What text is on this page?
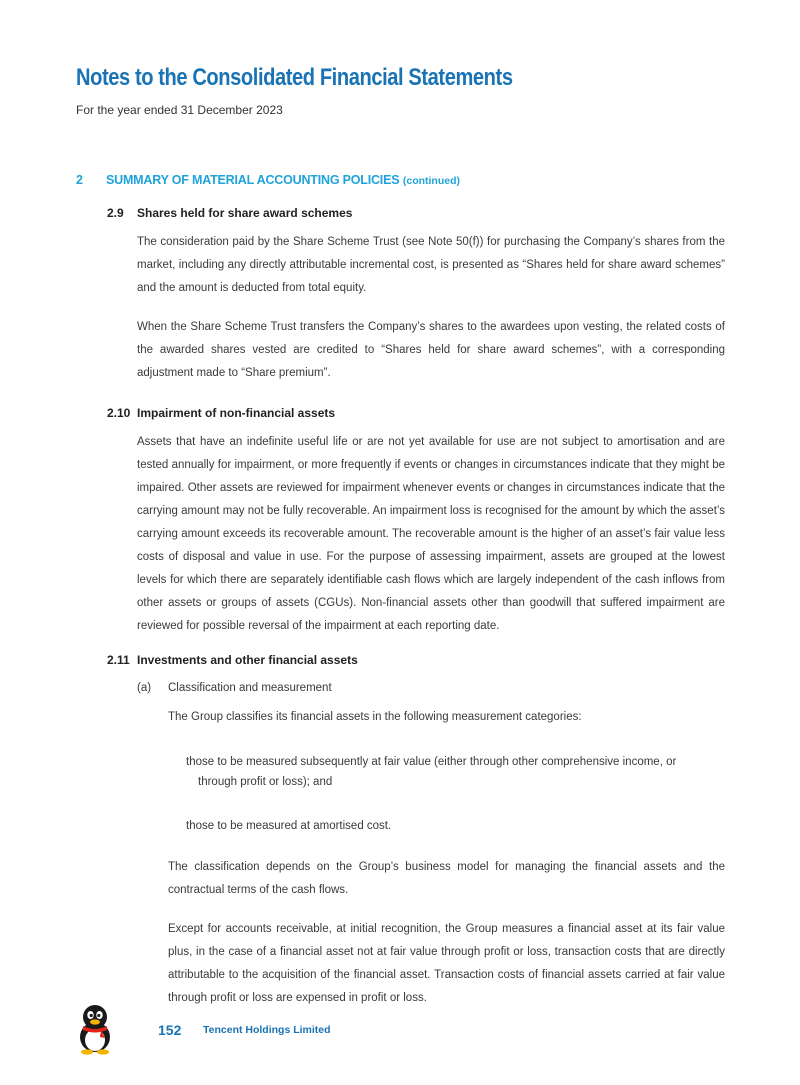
Notes to the Consolidated Financial Statements
For the year ended 31 December 2023
2 SUMMARY OF MATERIAL ACCOUNTING POLICIES (continued)
2.9 Shares held for share award schemes

The consideration paid by the Share Scheme Trust (see Note 50(f)) for purchasing the Company’s shares from the market, including any directly attributable incremental cost, is presented as “Shares held for share award schemes” and the amount is deducted from total equity.

When the Share Scheme Trust transfers the Company’s shares to the awardees upon vesting, the related costs of the awarded shares vested are credited to “Shares held for share award schemes”, with a corresponding adjustment made to “Share premium”.

2.10 Impairment of non-financial assets

Assets that have an indefinite useful life or are not yet available for use are not subject to amortisation and are tested annually for impairment, or more frequently if events or changes in circumstances indicate that they might be impaired. Other assets are reviewed for impairment whenever events or changes in circumstances indicate that the carrying amount may not be fully recoverable. An impairment loss is recognised for the amount by which the asset’s carrying amount exceeds its recoverable amount. The recoverable amount is the higher of an asset’s fair value less costs of disposal and value in use. For the purpose of assessing impairment, assets are grouped at the lowest levels for which there are separately identifiable cash flows which are largely independent of the cash inflows from other assets or groups of assets (CGUs). Non-financial assets other than goodwill that suffered impairment are reviewed for possible reversal of the impairment at each reporting date.

2.11 Investments and other financial assets
(a) Classification and measurement

The Group classifies its financial assets in the following measurement categories:

those to be measured subsequently at fair value (either through other comprehensive income, or
through profit or loss); and

those to be measured at amortised cost.

The classification depends on the Group’s business model for managing the financial assets and the contractual terms of the cash flows.

Except for accounts receivable, at initial recognition, the Group measures a financial asset at its fair value plus, in the case of a financial asset not at fair value through profit or loss, transaction costs that are directly attributable to the acquisition of the financial asset. Transaction costs of financial assets carried at fair value through profit or loss are expensed in profit or loss.

152 Tencent Holdings Limited
